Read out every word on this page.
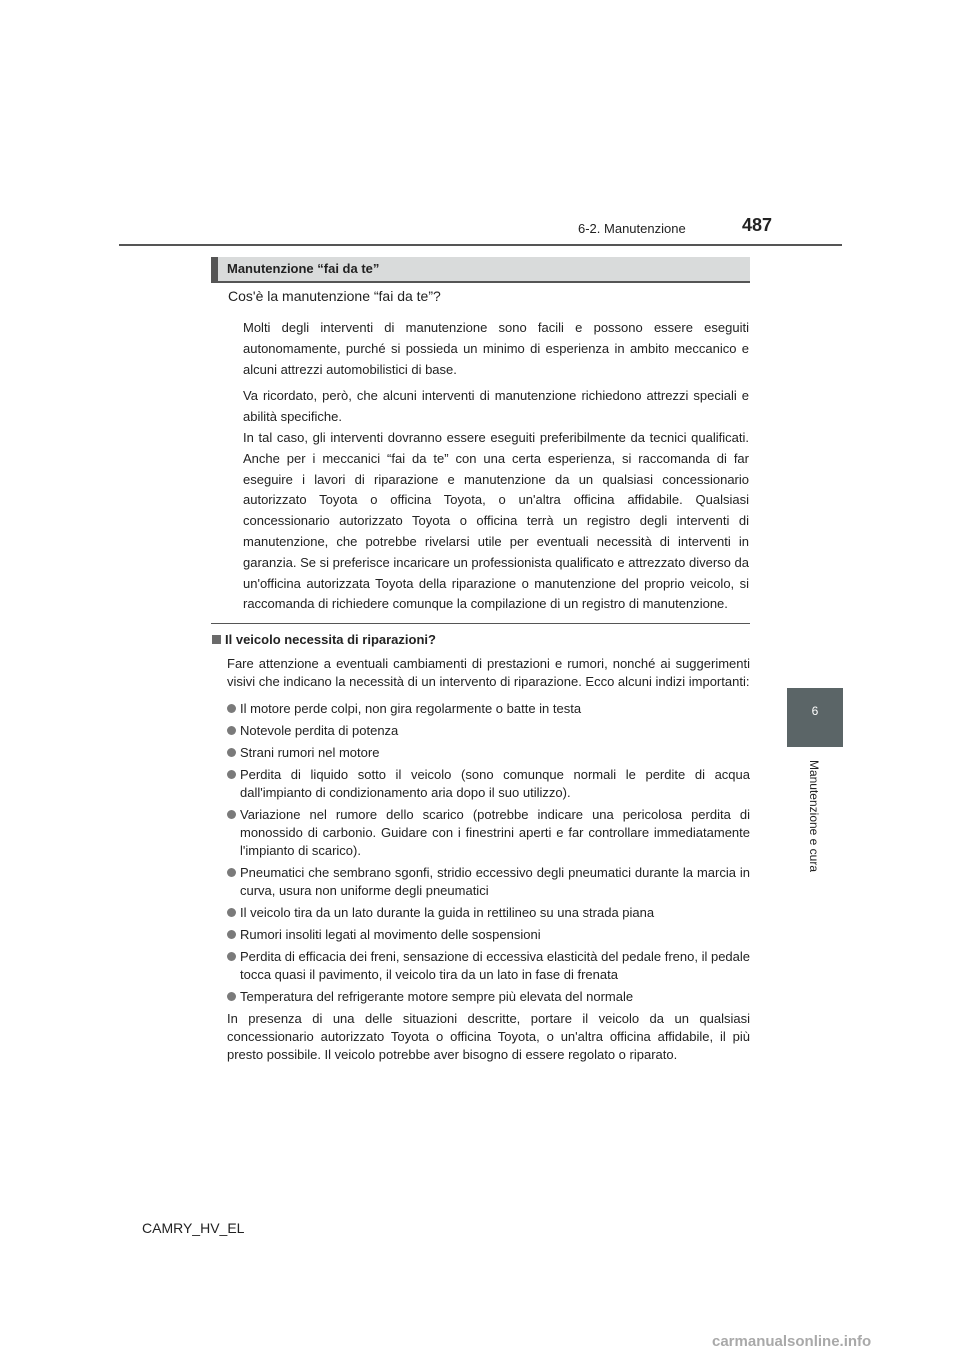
6-2. Manutenzione	487
6
Manutenzione e cura
Manutenzione “fai da te”
Cos'è la manutenzione “fai da te”?

Molti degli interventi di manutenzione sono facili e possono essere eseguiti autonomamente, purché si possieda un minimo di esperienza in ambito meccanico e alcuni attrezzi automobilistici di base.

Va ricordato, però, che alcuni interventi di manutenzione richiedono attrezzi speciali e abilità specifiche.

In tal caso, gli interventi dovranno essere eseguiti preferibilmente da tecnici qualificati. Anche per i meccanici “fai da te” con una certa esperienza, si raccomanda di far eseguire i lavori di riparazione e manutenzione da un qualsiasi concessionario autorizzato Toyota o officina Toyota, o un'altra officina affidabile. Qualsiasi concessionario autorizzato Toyota o officina terrà un registro degli interventi di manutenzione, che potrebbe rivelarsi utile per eventuali necessità di interventi in garanzia. Se si preferisce incaricare un professionista qualificato e attrezzato diverso da un'officina autorizzata Toyota della riparazione o manutenzione del proprio veicolo, si raccomanda di richiedere comunque la compilazione di un registro di manutenzione.

Il veicolo necessita di riparazioni?

Fare attenzione a eventuali cambiamenti di prestazioni e rumori, nonché ai suggerimenti visivi che indicano la necessità di un intervento di riparazione. Ecco alcuni indizi importanti:

Il motore perde colpi, non gira regolarmente o batte in testa
Notevole perdita di potenza
Strani rumori nel motore
Perdita di liquido sotto il veicolo (sono comunque normali le perdite di acqua dall'impianto di condizionamento aria dopo il suo utilizzo).
Variazione nel rumore dello scarico (potrebbe indicare una pericolosa perdita di monossido di carbonio. Guidare con i finestrini aperti e far controllare immediatamente l'impianto di scarico).
Pneumatici che sembrano sgonfi, stridio eccessivo degli pneumatici durante la marcia in curva, usura non uniforme degli pneumatici
Il veicolo tira da un lato durante la guida in rettilineo su una strada piana
Rumori insoliti legati al movimento delle sospensioni
Perdita di efficacia dei freni, sensazione di eccessiva elasticità del pedale freno, il pedale tocca quasi il pavimento, il veicolo tira da un lato in fase di frenata
Temperatura del refrigerante motore sempre più elevata del normale

In presenza di una delle situazioni descritte, portare il veicolo da un qualsiasi concessionario autorizzato Toyota o officina Toyota, o un'altra officina affidabile, il più presto possibile. Il veicolo potrebbe aver bisogno di essere regolato o riparato.

CAMRY_HV_EL
carmanualsonline.info
